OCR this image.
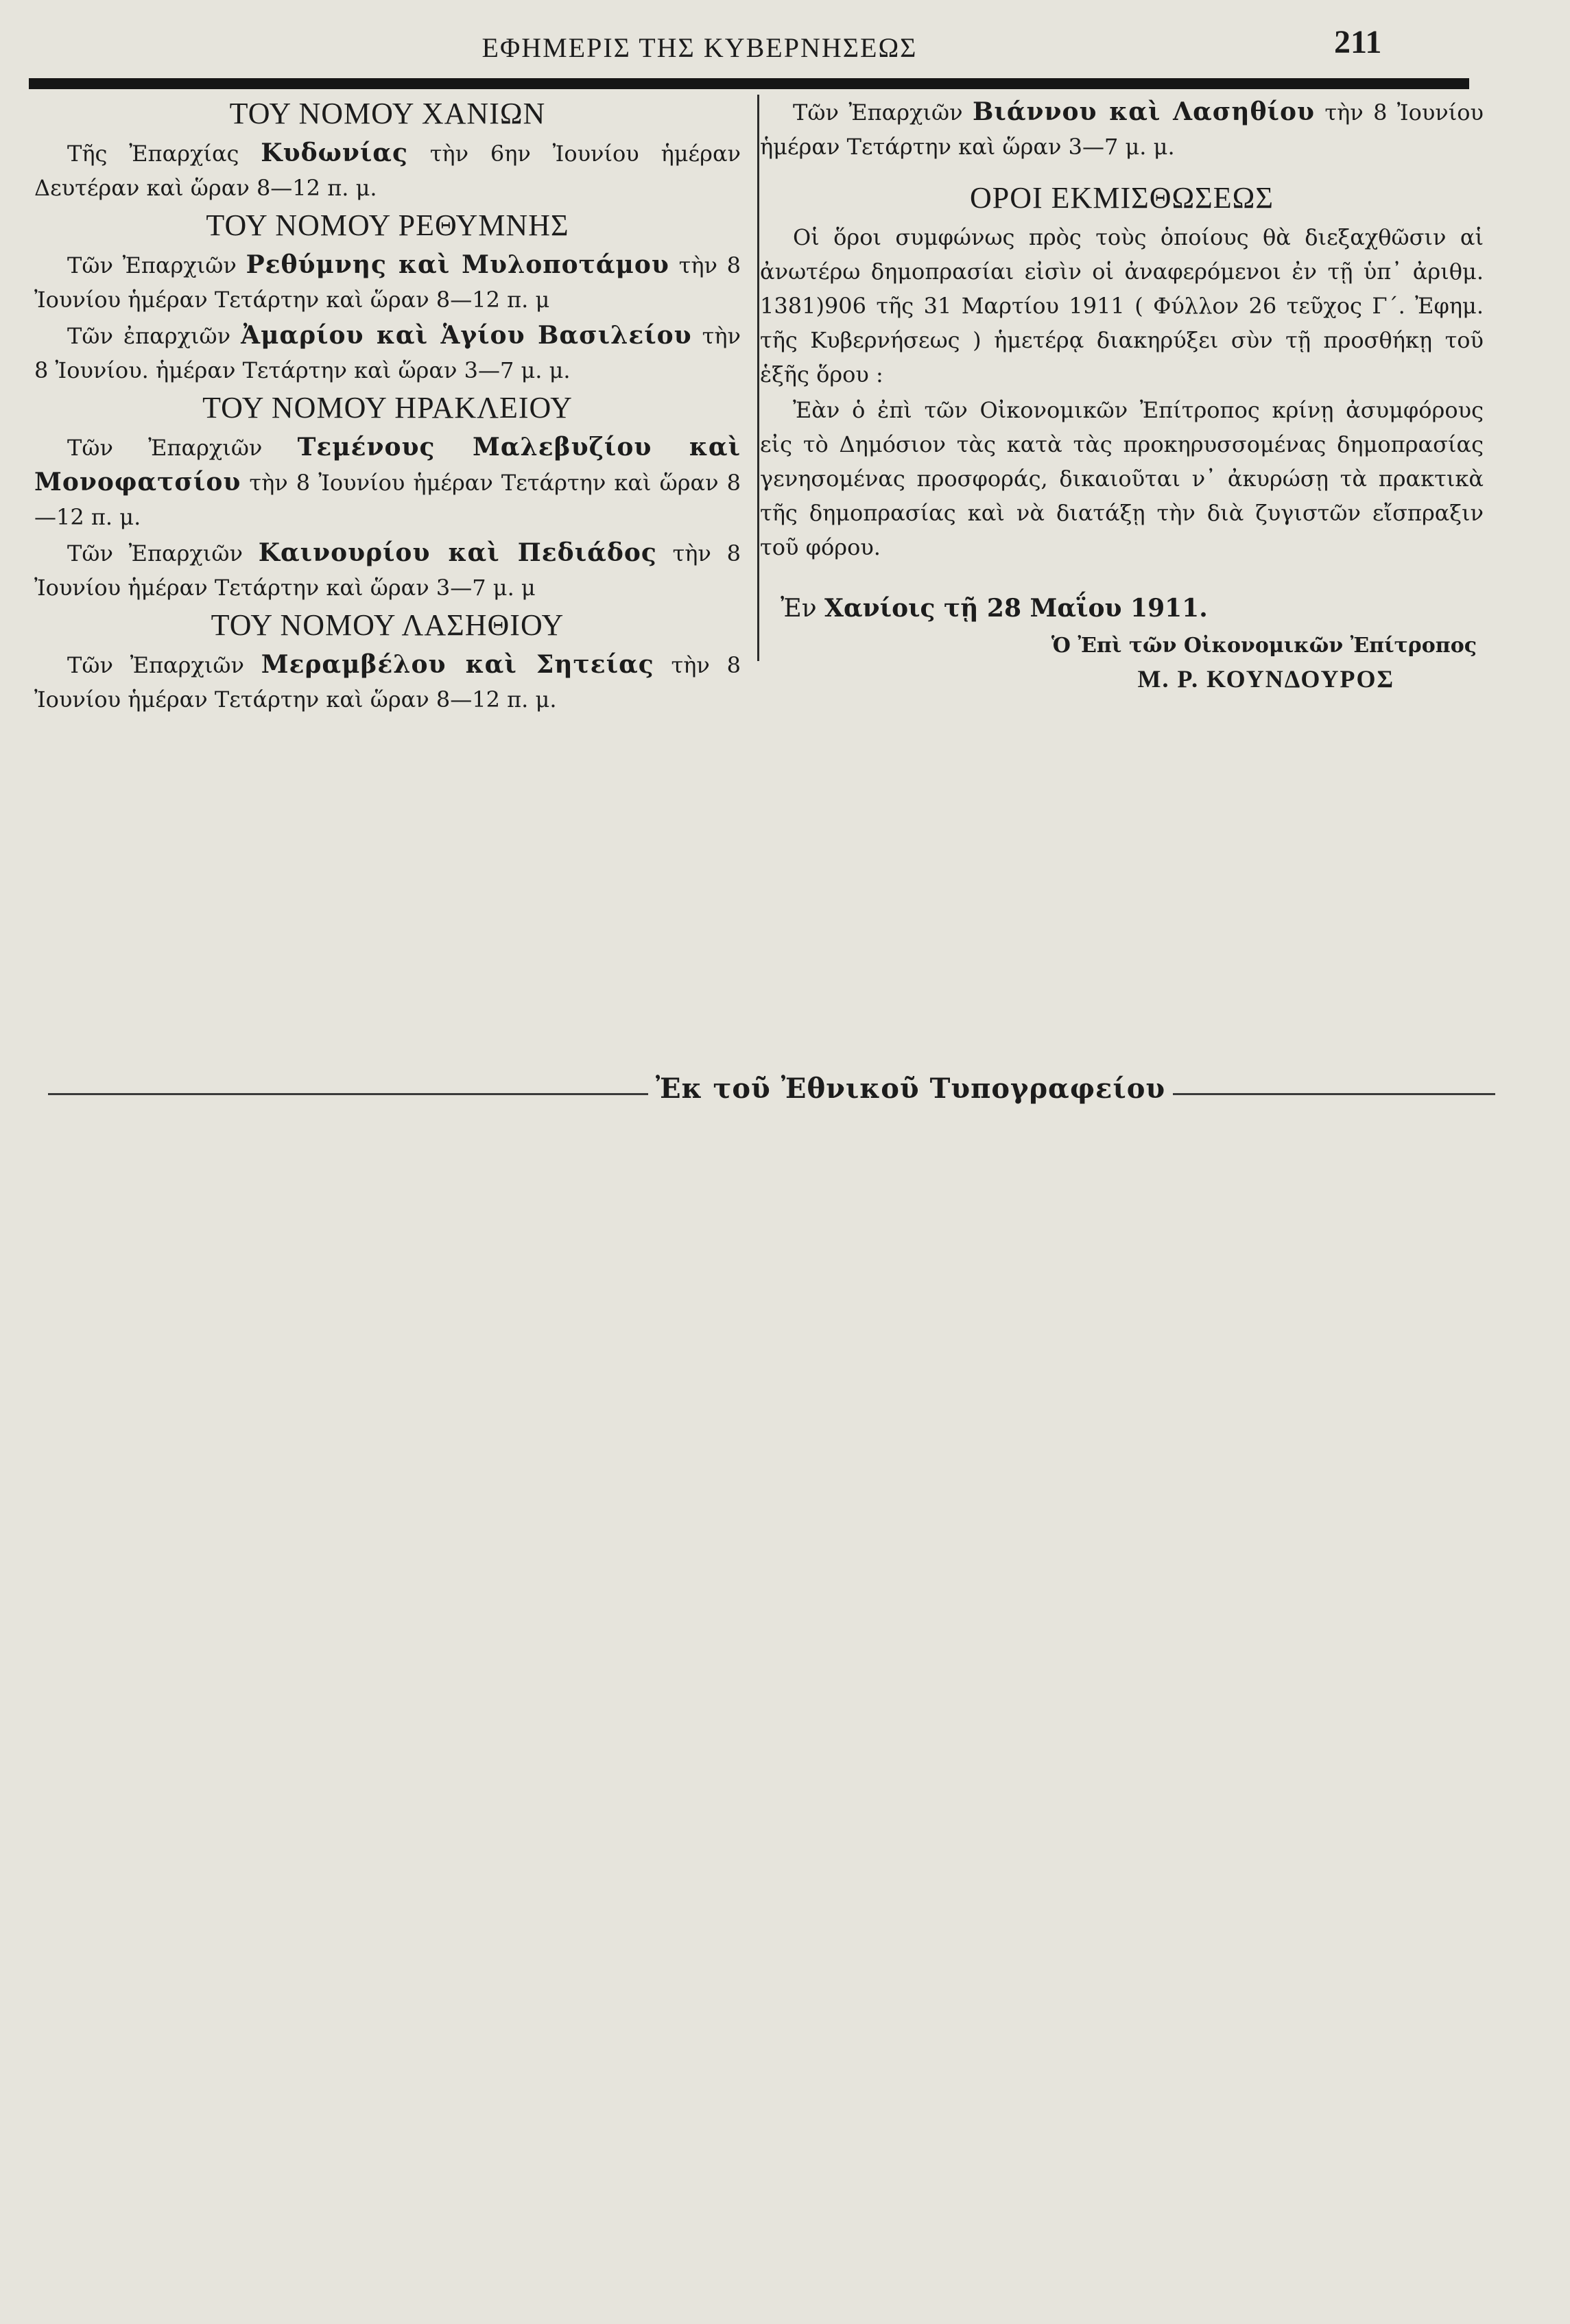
ΕΦΗΜΕΡΙΣ ΤΗΣ ΚΥΒΕΡΝΗΣΕΩΣ	211
ΤΟΥ ΝΟΜΟΥ ΧΑΝΙΩΝ

Τῆς Ἐπαρχίας Κυδωνίας τὴν 6ην Ἰουνίου ἡμέραν Δευτέραν καὶ ὥραν 8—12 π. μ.

ΤΟΥ ΝΟΜΟΥ ΡΕΘΥΜΝΗΣ

Τῶν Ἐπαρχιῶν Ρεθύμνης καὶ Μυλοποτάμου τὴν 8 Ἰουνίου ἡμέραν Τετάρτην καὶ ὥραν 8—12 π. μ

Τῶν ἐπαρχιῶν Ἀμαρίου καὶ Ἁγίου Βασιλείου τὴν 8 Ἰουνίου. ἡμέραν Τετάρτην καὶ ὥραν 3—7 μ. μ.

ΤΟΥ ΝΟΜΟΥ ΗΡΑΚΛΕΙΟΥ

Τῶν Ἐπαρχιῶν Τεμένους Μαλεβυζίου καὶ Μονοφατσίου τὴν 8 Ἰουνίου ἡμέραν Τετάρτην καὶ ὥραν 8—12 π. μ.

Τῶν Ἐπαρχιῶν Καινουρίου καὶ Πεδιάδος τὴν 8 Ἰουνίου ἡμέραν Τετάρτην καὶ ὥραν 3—7 μ. μ

ΤΟΥ ΝΟΜΟΥ ΛΑΣΗΘΙΟΥ

Τῶν Ἐπαρχιῶν Μεραμβέλου καὶ Σητείας τὴν 8 Ἰουνίου ἡμέραν Τετάρτην καὶ ὥραν 8—12 π. μ.

Τῶν Ἐπαρχιῶν Βιάννου καὶ Λασηθίου τὴν 8 Ἰουνίου ἡμέραν Τετάρτην καὶ ὥραν 3—7 μ. μ.

ΟΡΟΙ ΕΚΜΙΣΘΩΣΕΩΣ

Οἱ ὅροι συμφώνως πρὸς τοὺς ὁποίους θὰ διεξαχθῶσιν αἱ ἀνωτέρω δημοπρασίαι εἰσὶν οἱ ἀναφερόμενοι ἐν τῇ ὑπ᾽ ἀριθμ. 1381)906 τῆς 31 Μαρτίου 1911 ( Φύλλον 26 τεῦχος Γ΄. Ἐφημ. τῆς Κυβερνήσεως ) ἡμετέρᾳ διακηρύξει σὺν τῇ προσθήκῃ τοῦ ἑξῆς ὅρου :

Ἐὰν ὁ ἐπὶ τῶν Οἰκονομικῶν Ἐπίτροπος κρίνῃ ἀσυμφόρους εἰς τὸ Δημόσιον τὰς κατὰ τὰς προκηρυσσομένας δημοπρασίας γενησομένας προσφοράς, δικαιοῦται ν᾽ ἀκυρώσῃ τὰ πρακτικὰ τῆς δημοπρασίας καὶ νὰ διατάξῃ τὴν διὰ ζυγιστῶν εἴσπραξιν τοῦ φόρου.

Ἐν Χανίοις τῇ 28 Μαΐου 1911.
Ὁ Ἐπὶ τῶν Οἰκονομικῶν Ἐπίτροπος
Μ. Ρ. ΚΟΥΝΔΟΥΡΟΣ
Ἐκ τοῦ Ἐθνικοῦ Τυπογραφείου
